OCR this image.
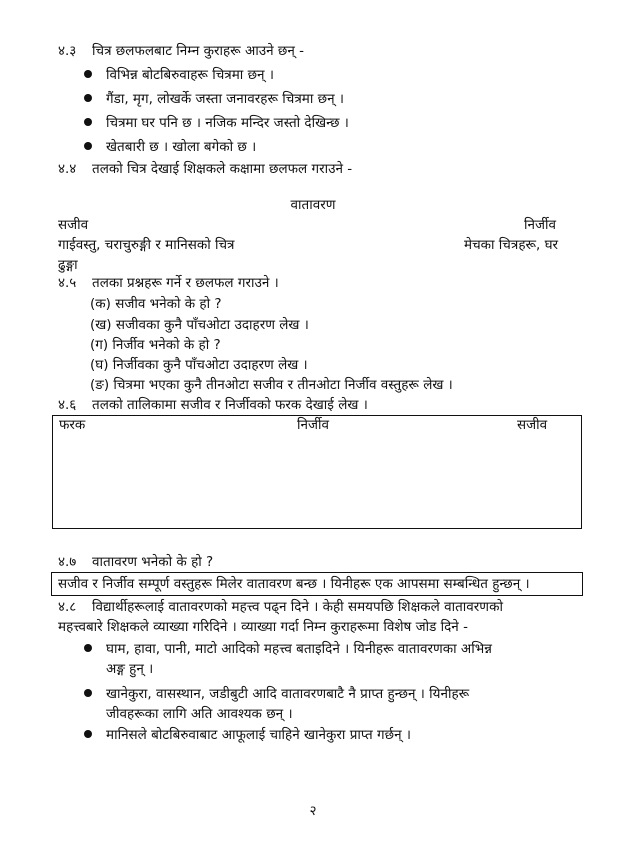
४.३ चित्र छलफलबाट निम्न कुराहरू आउने छन् -
विभिन्न बोटबिरुवाहरू चित्रमा छन् ।
गैंडा, मृग, लोखर्के जस्ता जनावरहरू चित्रमा छन् ।
चित्रमा घर पनि छ । नजिक मन्दिर जस्तो देखिन्छ ।
खेतबारी छ । खोला बगेको छ ।
४.४ तलको चित्र देखाई शिक्षकले कक्षामा छलफल गराउने -
वातावरण
सजीव	निर्जीव
गाईवस्तु, चराचुरुङ्गी र मानिसको चित्र	मेचका चित्रहरू, घर
ढुङ्गा
४.५ तलका प्रश्नहरू गर्ने र छलफल गराउने ।
(क) सजीव भनेको के हो ?
(ख) सजीवका कुनै पाँचओटा उदाहरण लेख ।
(ग) निर्जीव भनेको के हो ?
(घ) निर्जीवका कुनै पाँचओटा उदाहरण लेख ।
(ङ) चित्रमा भएका कुनै तीनओटा सजीव र तीनओटा निर्जीव वस्तुहरू लेख ।
४.६ तलको तालिकामा सजीव र निर्जीवको फरक देखाई लेख ।
फरक	निर्जीव	सजीव
४.७ वातावरण भनेको के हो ?
सजीव र निर्जीव सम्पूर्ण वस्तुहरू मिलेर वातावरण बन्छ । यिनीहरू एक आपसमा सम्बन्धित हुन्छन् ।
४.८ विद्यार्थीहरूलाई वातावरणको महत्त्व पढ्न दिने । केही समयपछि शिक्षकले वातावरणको
महत्त्वबारे शिक्षकले व्याख्या गरिदिने । व्याख्या गर्दा निम्न कुराहरूमा विशेष जोड दिने -
घाम, हावा, पानी, माटो आदिको महत्त्व बताइदिने । यिनीहरू वातावरणका अभिन्न
अङ्ग हुन् ।
खानेकुरा, वासस्थान, जडीबुटी आदि वातावरणबाटै नै प्राप्त हुन्छन् । यिनीहरू
जीवहरूका लागि अति आवश्यक छन् ।
मानिसले बोटबिरुवाबाट आफूलाई चाहिने खानेकुरा प्राप्त गर्छन् ।
२
